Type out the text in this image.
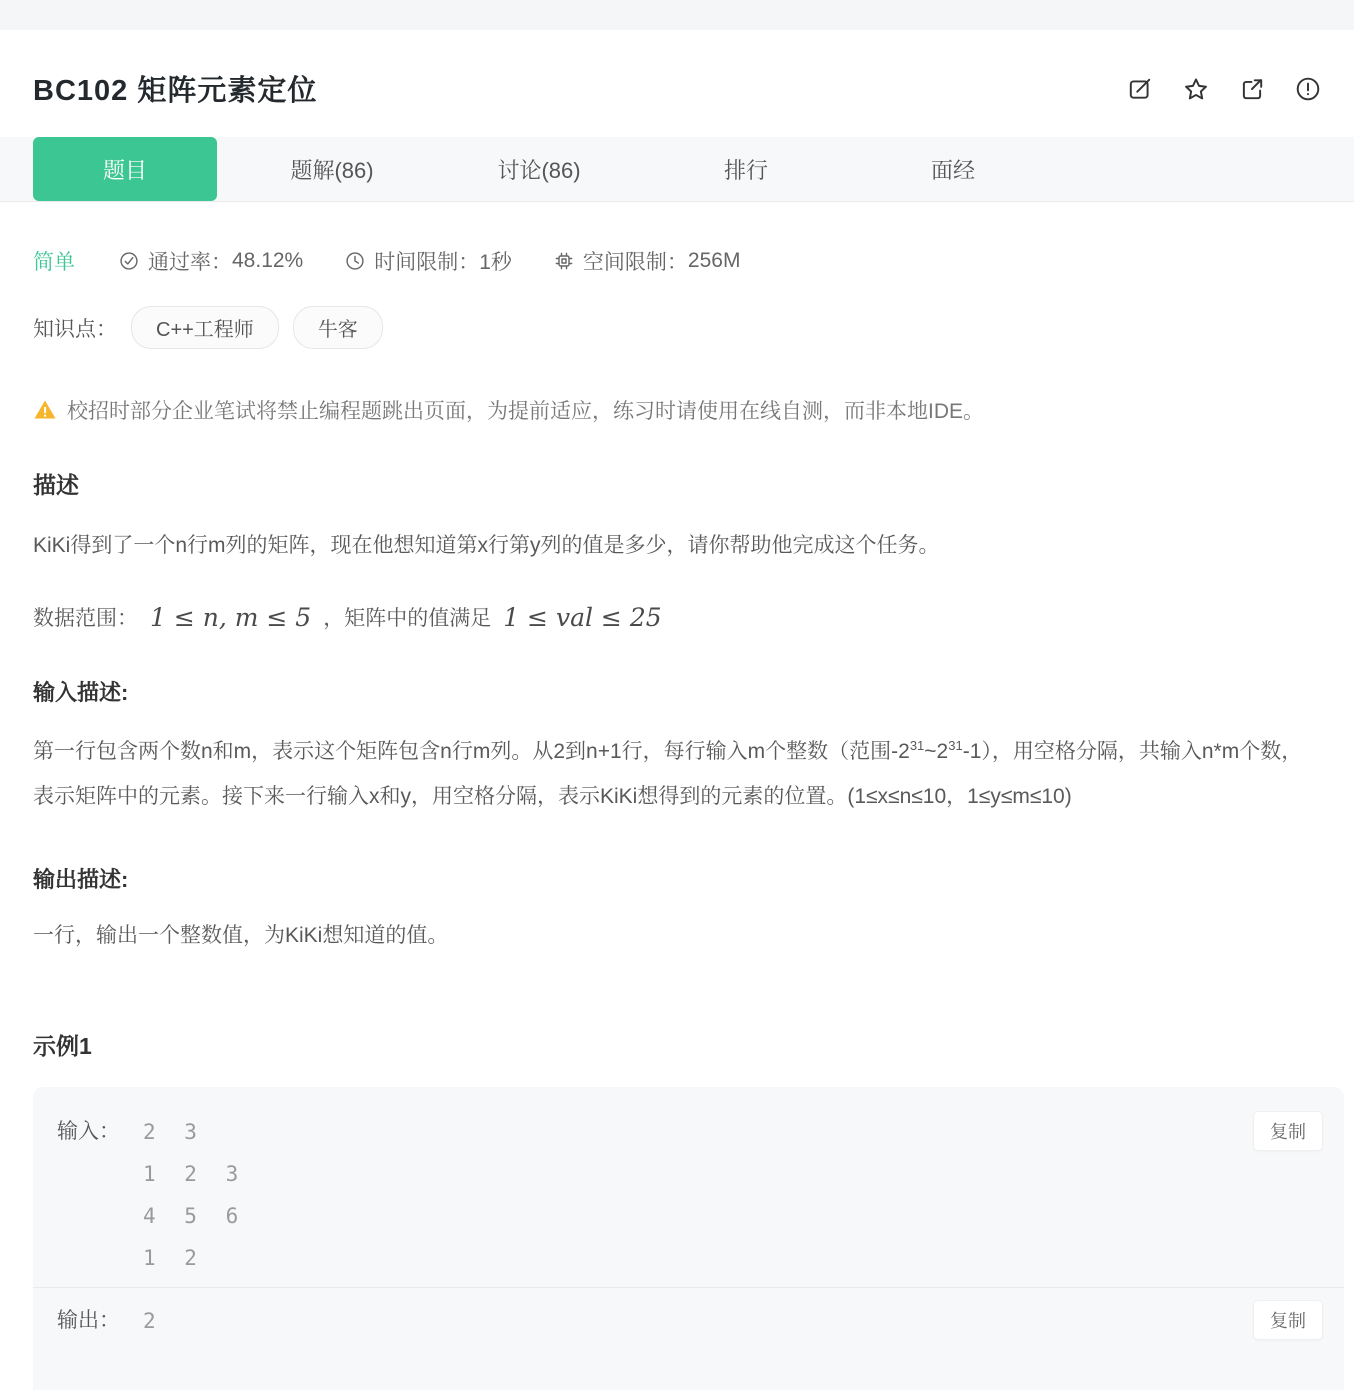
BC102 矩阵元素定位
题目	题解(86)	讨论(86)	排行	面经
简单	通过率： 48.12%	时间限制： 1秒	空间限制： 256M
知识点：	C++工程师	牛客
校招时部分企业笔试将禁止编程题跳出页面，为提前适应，练习时请使用在线自测，而非本地IDE。
描述

KiKi得到了一个n行m列的矩阵，现在他想知道第x行第y列的值是多少，请你帮助他完成这个任务。

数据范围： 1 ≤ n, m ≤ 5 ，矩阵中的值满足 1 ≤ val ≤ 25
输入描述:

第一行包含两个数n和m，表示这个矩阵包含n行m列。从2到n+1行，每行输入m个整数（范围$-2^{31}\sim 2^{31}-1$），用空格分隔，共输入n*m个数，表示矩阵中的元素。接下来一行输入x和y，用空格分隔，表示KiKi想得到的元素的位置。(1≤x≤n≤10，1≤y≤m≤10)

输出描述:

一行，输出一个整数值，为KiKi想知道的值。

示例1
输入：	2 3
1 2 3
4 5 6
1 2
复制
输出：	2	复制
